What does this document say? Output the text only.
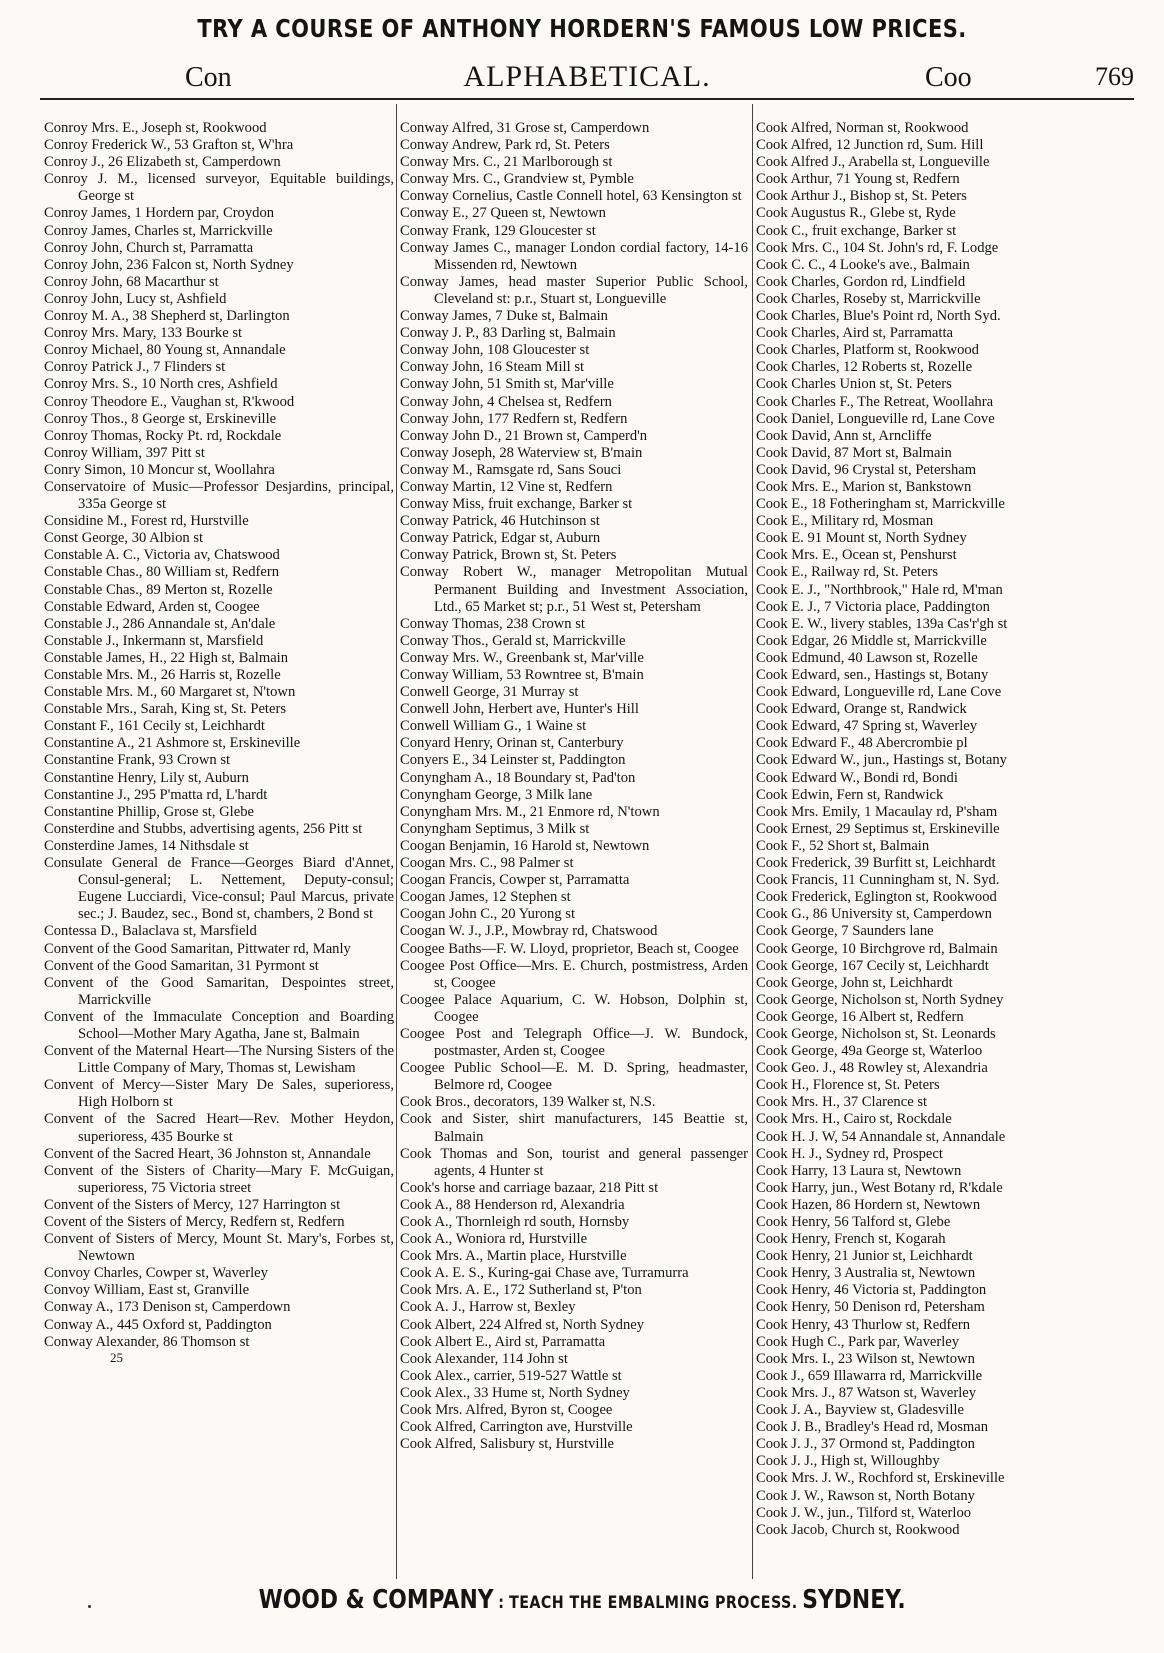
TRY A COURSE OF ANTHONY HORDERN'S FAMOUS LOW PRICES.
Con	ALPHABETICAL.	Coo	769
Conroy Mrs. E., Joseph st, Rookwood
Conroy Frederick W., 53 Grafton st, W'hra
Conroy J., 26 Elizabeth st, Camperdown
Conroy J. M., licensed surveyor, Equitable buildings, George st
Conroy James, 1 Hordern par, Croydon
Conroy James, Charles st, Marrickville
Conroy John, Church st, Parramatta
Conroy John, 236 Falcon st, North Sydney
Conroy John, 68 Macarthur st
Conroy John, Lucy st, Ashfield
Conroy M. A., 38 Shepherd st, Darlington
Conroy Mrs. Mary, 133 Bourke st
Conroy Michael, 80 Young st, Annandale
Conroy Patrick J., 7 Flinders st
Conroy Mrs. S., 10 North cres, Ashfield
Conroy Theodore E., Vaughan st, R'kwood
Conroy Thos., 8 George st, Erskineville
Conroy Thomas, Rocky Pt. rd, Rockdale
Conroy William, 397 Pitt st
Conry Simon, 10 Moncur st, Woollahra
Conservatoire of Music—Professor Desjardins, principal, 335a George st
Considine M., Forest rd, Hurstville
Const George, 30 Albion st
Constable A. C., Victoria av, Chatswood
Constable Chas., 80 William st, Redfern
Constable Chas., 89 Merton st, Rozelle
Constable Edward, Arden st, Coogee
Constable J., 286 Annandale st, An'dale
Constable J., Inkermann st, Marsfield
Constable James, H., 22 High st, Balmain
Constable Mrs. M., 26 Harris st, Rozelle
Constable Mrs. M., 60 Margaret st, N'town
Constable Mrs., Sarah, King st, St. Peters
Constant F., 161 Cecily st, Leichhardt
Constantine A., 21 Ashmore st, Erskineville
Constantine Frank, 93 Crown st
Constantine Henry, Lily st, Auburn
Constantine J., 295 P'matta rd, L'hardt
Constantine Phillip, Grose st, Glebe
Consterdine and Stubbs, advertising agents, 256 Pitt st
Consterdine James, 14 Nithsdale st
Consulate General de France—Georges Biard d'Annet, Consul-general; L. Nettement, Deputy-consul; Eugene Lucciardi, Vice-consul; Paul Marcus, private sec.; J. Baudez, sec., Bond st, chambers, 2 Bond st
Contessa D., Balaclava st, Marsfield
Convent of the Good Samaritan, Pittwater rd, Manly
Convent of the Good Samaritan, 31 Pyrmont st
Convent of the Good Samaritan, Despointes street, Marrickville
Convent of the Immaculate Conception and Boarding School—Mother Mary Agatha, Jane st, Balmain
Convent of the Maternal Heart—The Nursing Sisters of the Little Company of Mary, Thomas st, Lewisham
Convent of Mercy—Sister Mary De Sales, superioress, High Holborn st
Convent of the Sacred Heart—Rev. Mother Heydon, superioress, 435 Bourke st
Convent of the Sacred Heart, 36 Johnston st, Annandale
Convent of the Sisters of Charity—Mary F. McGuigan, superioress, 75 Victoria street
Convent of the Sisters of Mercy, 127 Harrington st
Covent of the Sisters of Mercy, Redfern st, Redfern
Convent of Sisters of Mercy, Mount St. Mary's, Forbes st, Newtown
Convoy Charles, Cowper st, Waverley
Convoy William, East st, Granville
Conway A., 173 Denison st, Camperdown
Conway A., 445 Oxford st, Paddington
Conway Alexander, 86 Thomson st
25
Conway Alfred, 31 Grose st, Camperdown
Conway Andrew, Park rd, St. Peters
Conway Mrs. C., 21 Marlborough st
Conway Mrs. C., Grandview st, Pymble
Conway Cornelius, Castle Connell hotel, 63 Kensington st
Conway E., 27 Queen st, Newtown
Conway Frank, 129 Gloucester st
Conway James C., manager London cordial factory, 14-16 Missenden rd, Newtown
Conway James, head master Superior Public School, Cleveland st: p.r., Stuart st, Longueville
Conway James, 7 Duke st, Balmain
Conway J. P., 83 Darling st, Balmain
Conway John, 108 Gloucester st
Conway John, 16 Steam Mill st
Conway John, 51 Smith st, Mar'ville
Conway John, 4 Chelsea st, Redfern
Conway John, 177 Redfern st, Redfern
Conway John D., 21 Brown st, Camperd'n
Conway Joseph, 28 Waterview st, B'main
Conway M., Ramsgate rd, Sans Souci
Conway Martin, 12 Vine st, Redfern
Conway Miss, fruit exchange, Barker st
Conway Patrick, 46 Hutchinson st
Conway Patrick, Edgar st, Auburn
Conway Patrick, Brown st, St. Peters
Conway Robert W., manager Metropolitan Mutual Permanent Building and Investment Association, Ltd., 65 Market st; p.r., 51 West st, Petersham
Conway Thomas, 238 Crown st
Conway Thos., Gerald st, Marrickville
Conway Mrs. W., Greenbank st, Mar'ville
Conway William, 53 Rowntree st, B'main
Conwell George, 31 Murray st
Conwell John, Herbert ave, Hunter's Hill
Conwell William G., 1 Waine st
Conyard Henry, Orinan st, Canterbury
Conyers E., 34 Leinster st, Paddington
Conyngham A., 18 Boundary st, Pad'ton
Conyngham George, 3 Milk lane
Conyngham Mrs. M., 21 Enmore rd, N'town
Conyngham Septimus, 3 Milk st
Coogan Benjamin, 16 Harold st, Newtown
Coogan Mrs. C., 98 Palmer st
Coogan Francis, Cowper st, Parramatta
Coogan James, 12 Stephen st
Coogan John C., 20 Yurong st
Coogan W. J., J.P., Mowbray rd, Chatswood
Coogee Baths—F. W. Lloyd, proprietor, Beach st, Coogee
Coogee Post Office—Mrs. E. Church, postmistress, Arden st, Coogee
Coogee Palace Aquarium, C. W. Hobson, Dolphin st, Coogee
Coogee Post and Telegraph Office—J. W. Bundock, postmaster, Arden st, Coogee
Coogee Public School—E. M. D. Spring, headmaster, Belmore rd, Coogee
Cook Bros., decorators, 139 Walker st, N.S.
Cook and Sister, shirt manufacturers, 145 Beattie st, Balmain
Cook Thomas and Son, tourist and general passenger agents, 4 Hunter st
Cook's horse and carriage bazaar, 218 Pitt st
Cook A., 88 Henderson rd, Alexandria
Cook A., Thornleigh rd south, Hornsby
Cook A., Woniora rd, Hurstville
Cook Mrs. A., Martin place, Hurstville
Cook A. E. S., Kuring-gai Chase ave, Turramurra
Cook Mrs. A. E., 172 Sutherland st, P'ton
Cook A. J., Harrow st, Bexley
Cook Albert, 224 Alfred st, North Sydney
Cook Albert E., Aird st, Parramatta
Cook Alexander, 114 John st
Cook Alex., carrier, 519-527 Wattle st
Cook Alex., 33 Hume st, North Sydney
Cook Mrs. Alfred, Byron st, Coogee
Cook Alfred, Carrington ave, Hurstville
Cook Alfred, Salisbury st, Hurstville
Cook Alfred, Norman st, Rookwood
Cook Alfred, 12 Junction rd, Sum. Hill
Cook Alfred J., Arabella st, Longueville
Cook Arthur, 71 Young st, Redfern
Cook Arthur J., Bishop st, St. Peters
Cook Augustus R., Glebe st, Ryde
Cook C., fruit exchange, Barker st
Cook Mrs. C., 104 St. John's rd, F. Lodge
Cook C. C., 4 Looke's ave., Balmain
Cook Charles, Gordon rd, Lindfield
Cook Charles, Roseby st, Marrickville
Cook Charles, Blue's Point rd, North Syd.
Cook Charles, Aird st, Parramatta
Cook Charles, Platform st, Rookwood
Cook Charles, 12 Roberts st, Rozelle
Cook Charles Union st, St. Peters
Cook Charles F., The Retreat, Woollahra
Cook Daniel, Longueville rd, Lane Cove
Cook David, Ann st, Arncliffe
Cook David, 87 Mort st, Balmain
Cook David, 96 Crystal st, Petersham
Cook Mrs. E., Marion st, Bankstown
Cook E., 18 Fotheringham st, Marrickville
Cook E., Military rd, Mosman
Cook E. 91 Mount st, North Sydney
Cook Mrs. E., Ocean st, Penshurst
Cook E., Railway rd, St. Peters
Cook E. J., "Northbrook," Hale rd, M'man
Cook E. J., 7 Victoria place, Paddington
Cook E. W., livery stables, 139a Cas'r'gh st
Cook Edgar, 26 Middle st, Marrickville
Cook Edmund, 40 Lawson st, Rozelle
Cook Edward, sen., Hastings st, Botany
Cook Edward, Longueville rd, Lane Cove
Cook Edward, Orange st, Randwick
Cook Edward, 47 Spring st, Waverley
Cook Edward F., 48 Abercrombie pl
Cook Edward W., jun., Hastings st, Botany
Cook Edward W., Bondi rd, Bondi
Cook Edwin, Fern st, Randwick
Cook Mrs. Emily, 1 Macaulay rd, P'sham
Cook Ernest, 29 Septimus st, Erskineville
Cook F., 52 Short st, Balmain
Cook Frederick, 39 Burfitt st, Leichhardt
Cook Francis, 11 Cunningham st, N. Syd.
Cook Frederick, Eglington st, Rookwood
Cook G., 86 University st, Camperdown
Cook George, 7 Saunders lane
Cook George, 10 Birchgrove rd, Balmain
Cook George, 167 Cecily st, Leichhardt
Cook George, John st, Leichhardt
Cook George, Nicholson st, North Sydney
Cook George, 16 Albert st, Redfern
Cook George, Nicholson st, St. Leonards
Cook George, 49a George st, Waterloo
Cook Geo. J., 48 Rowley st, Alexandria
Cook H., Florence st, St. Peters
Cook Mrs. H., 37 Clarence st
Cook Mrs. H., Cairo st, Rockdale
Cook H. J. W, 54 Annandale st, Annandale
Cook H. J., Sydney rd, Prospect
Cook Harry, 13 Laura st, Newtown
Cook Harry, jun., West Botany rd, R'kdale
Cook Hazen, 86 Hordern st, Newtown
Cook Henry, 56 Talford st, Glebe
Cook Henry, French st, Kogarah
Cook Henry, 21 Junior st, Leichhardt
Cook Henry, 3 Australia st, Newtown
Cook Henry, 46 Victoria st, Paddington
Cook Henry, 50 Denison rd, Petersham
Cook Henry, 43 Thurlow st, Redfern
Cook Hugh C., Park par, Waverley
Cook Mrs. I., 23 Wilson st, Newtown
Cook J., 659 Illawarra rd, Marrickville
Cook Mrs. J., 87 Watson st, Waverley
Cook J. A., Bayview st, Gladesville
Cook J. B., Bradley's Head rd, Mosman
Cook J. J., 37 Ormond st, Paddington
Cook J. J., High st, Willoughby
Cook Mrs. J. W., Rochford st, Erskineville
Cook J. W., Rawson st, North Botany
Cook J. W., jun., Tilford st, Waterloo
Cook Jacob, Church st, Rookwood
WOOD & COMPANY : TEACH THE EMBALMING PROCESS. SYDNEY.
